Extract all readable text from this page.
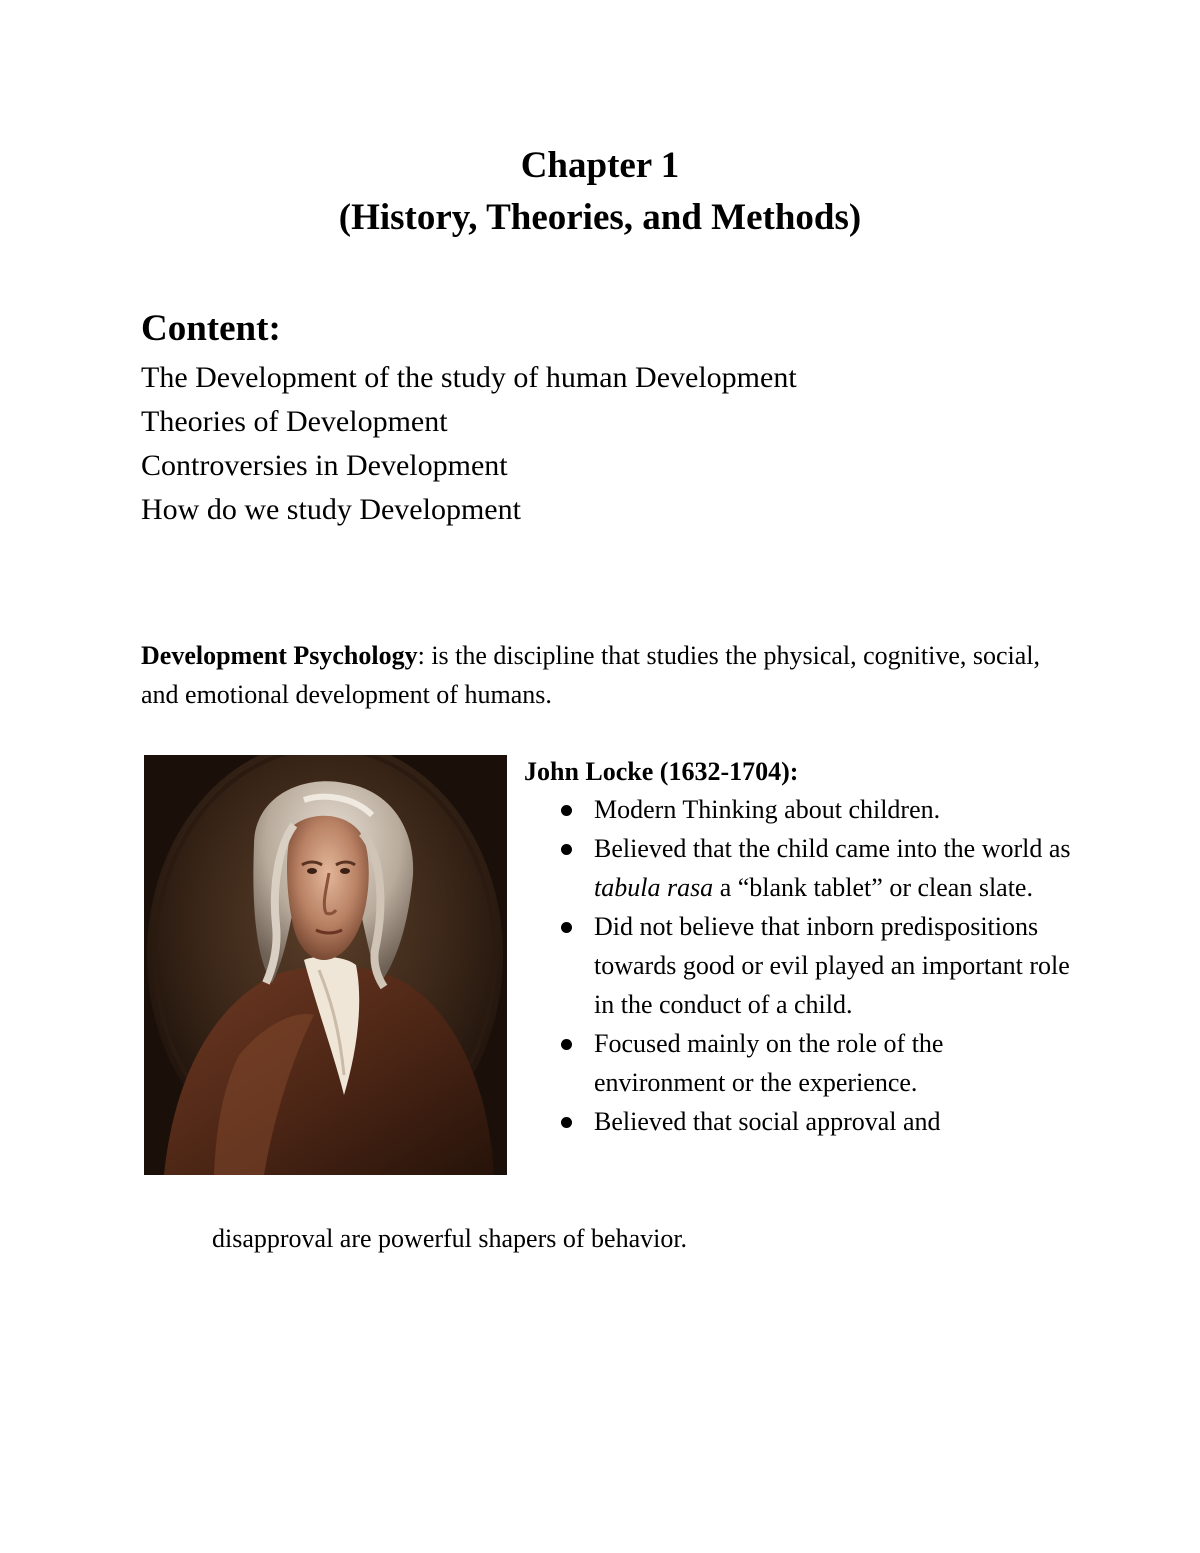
Chapter 1
(History, Theories, and Methods)
Content:
The Development of the study of human Development
Theories of Development
Controversies in Development
How do we study Development

Development Psychology: is the discipline that studies the physical, cognitive, social, and emotional development of humans.

John Locke (1632-1704):
Modern Thinking about children.
Believed that the child came into the world as tabula rasa a “blank tablet” or clean slate.
Did not believe that inborn predispositions towards good or evil played an important role in the conduct of a child.
Focused mainly on the role of the environment or the experience.
Believed that social approval and
disapproval are powerful shapers of behavior.
